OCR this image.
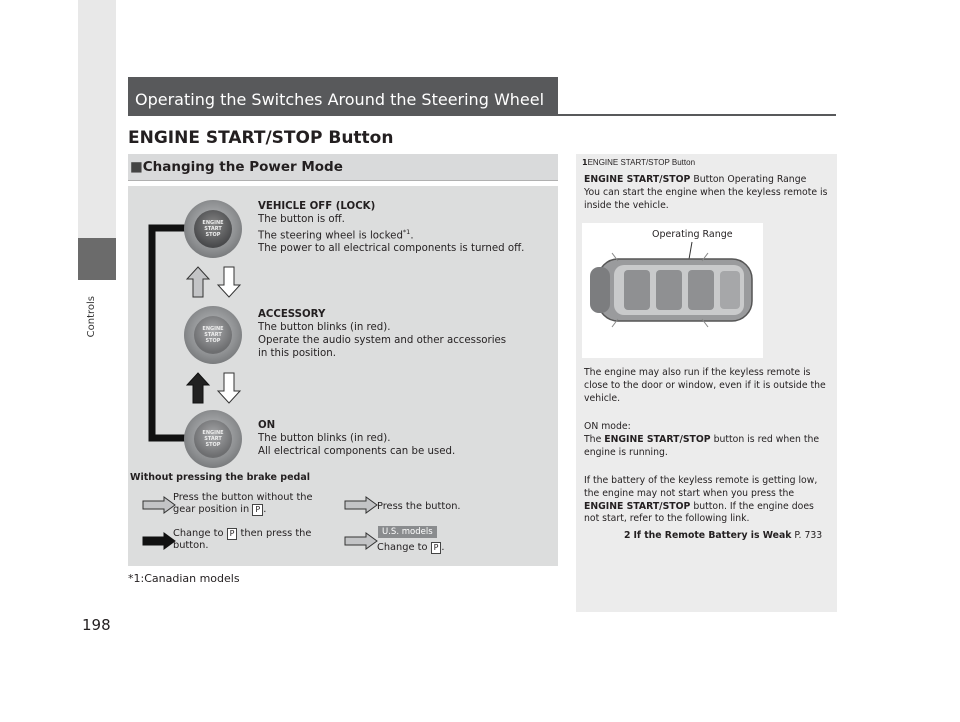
Controls
198
Operating the Switches Around the Steering Wheel
ENGINE START/STOP Button
■Changing the Power Mode
ENGINE
START
STOP
ENGINE
START
STOP
ENGINE
START
STOP
VEHICLE OFF (LOCK)
The button is off.
The steering wheel is locked$^{*1}$.
The power to all electrical components is turned off.
ACCESSORY
The button blinks (in red).
Operate the audio system and other accessories
in this position.
ON
The button blinks (in red).
All electrical components can be used.
Without pressing the brake pedal
Press the button without the
gear position in P .	Press the button.
Change to P then press the
button.
U.S. models
Change to P .
*1:Canadian models
1ENGINE START/STOP Button
ENGINE START/STOP Button Operating Range
You can start the engine when the keyless remote is inside the vehicle.
Operating Range
The engine may also run if the keyless remote is close to the door or window, even if it is outside the vehicle.
ON mode:
The ENGINE START/STOP button is red when the engine is running.
If the battery of the keyless remote is getting low, the engine may not start when you press the ENGINE START/STOP button. If the engine does not start, refer to the following link.
2 If the Remote Battery is Weak P. 733
